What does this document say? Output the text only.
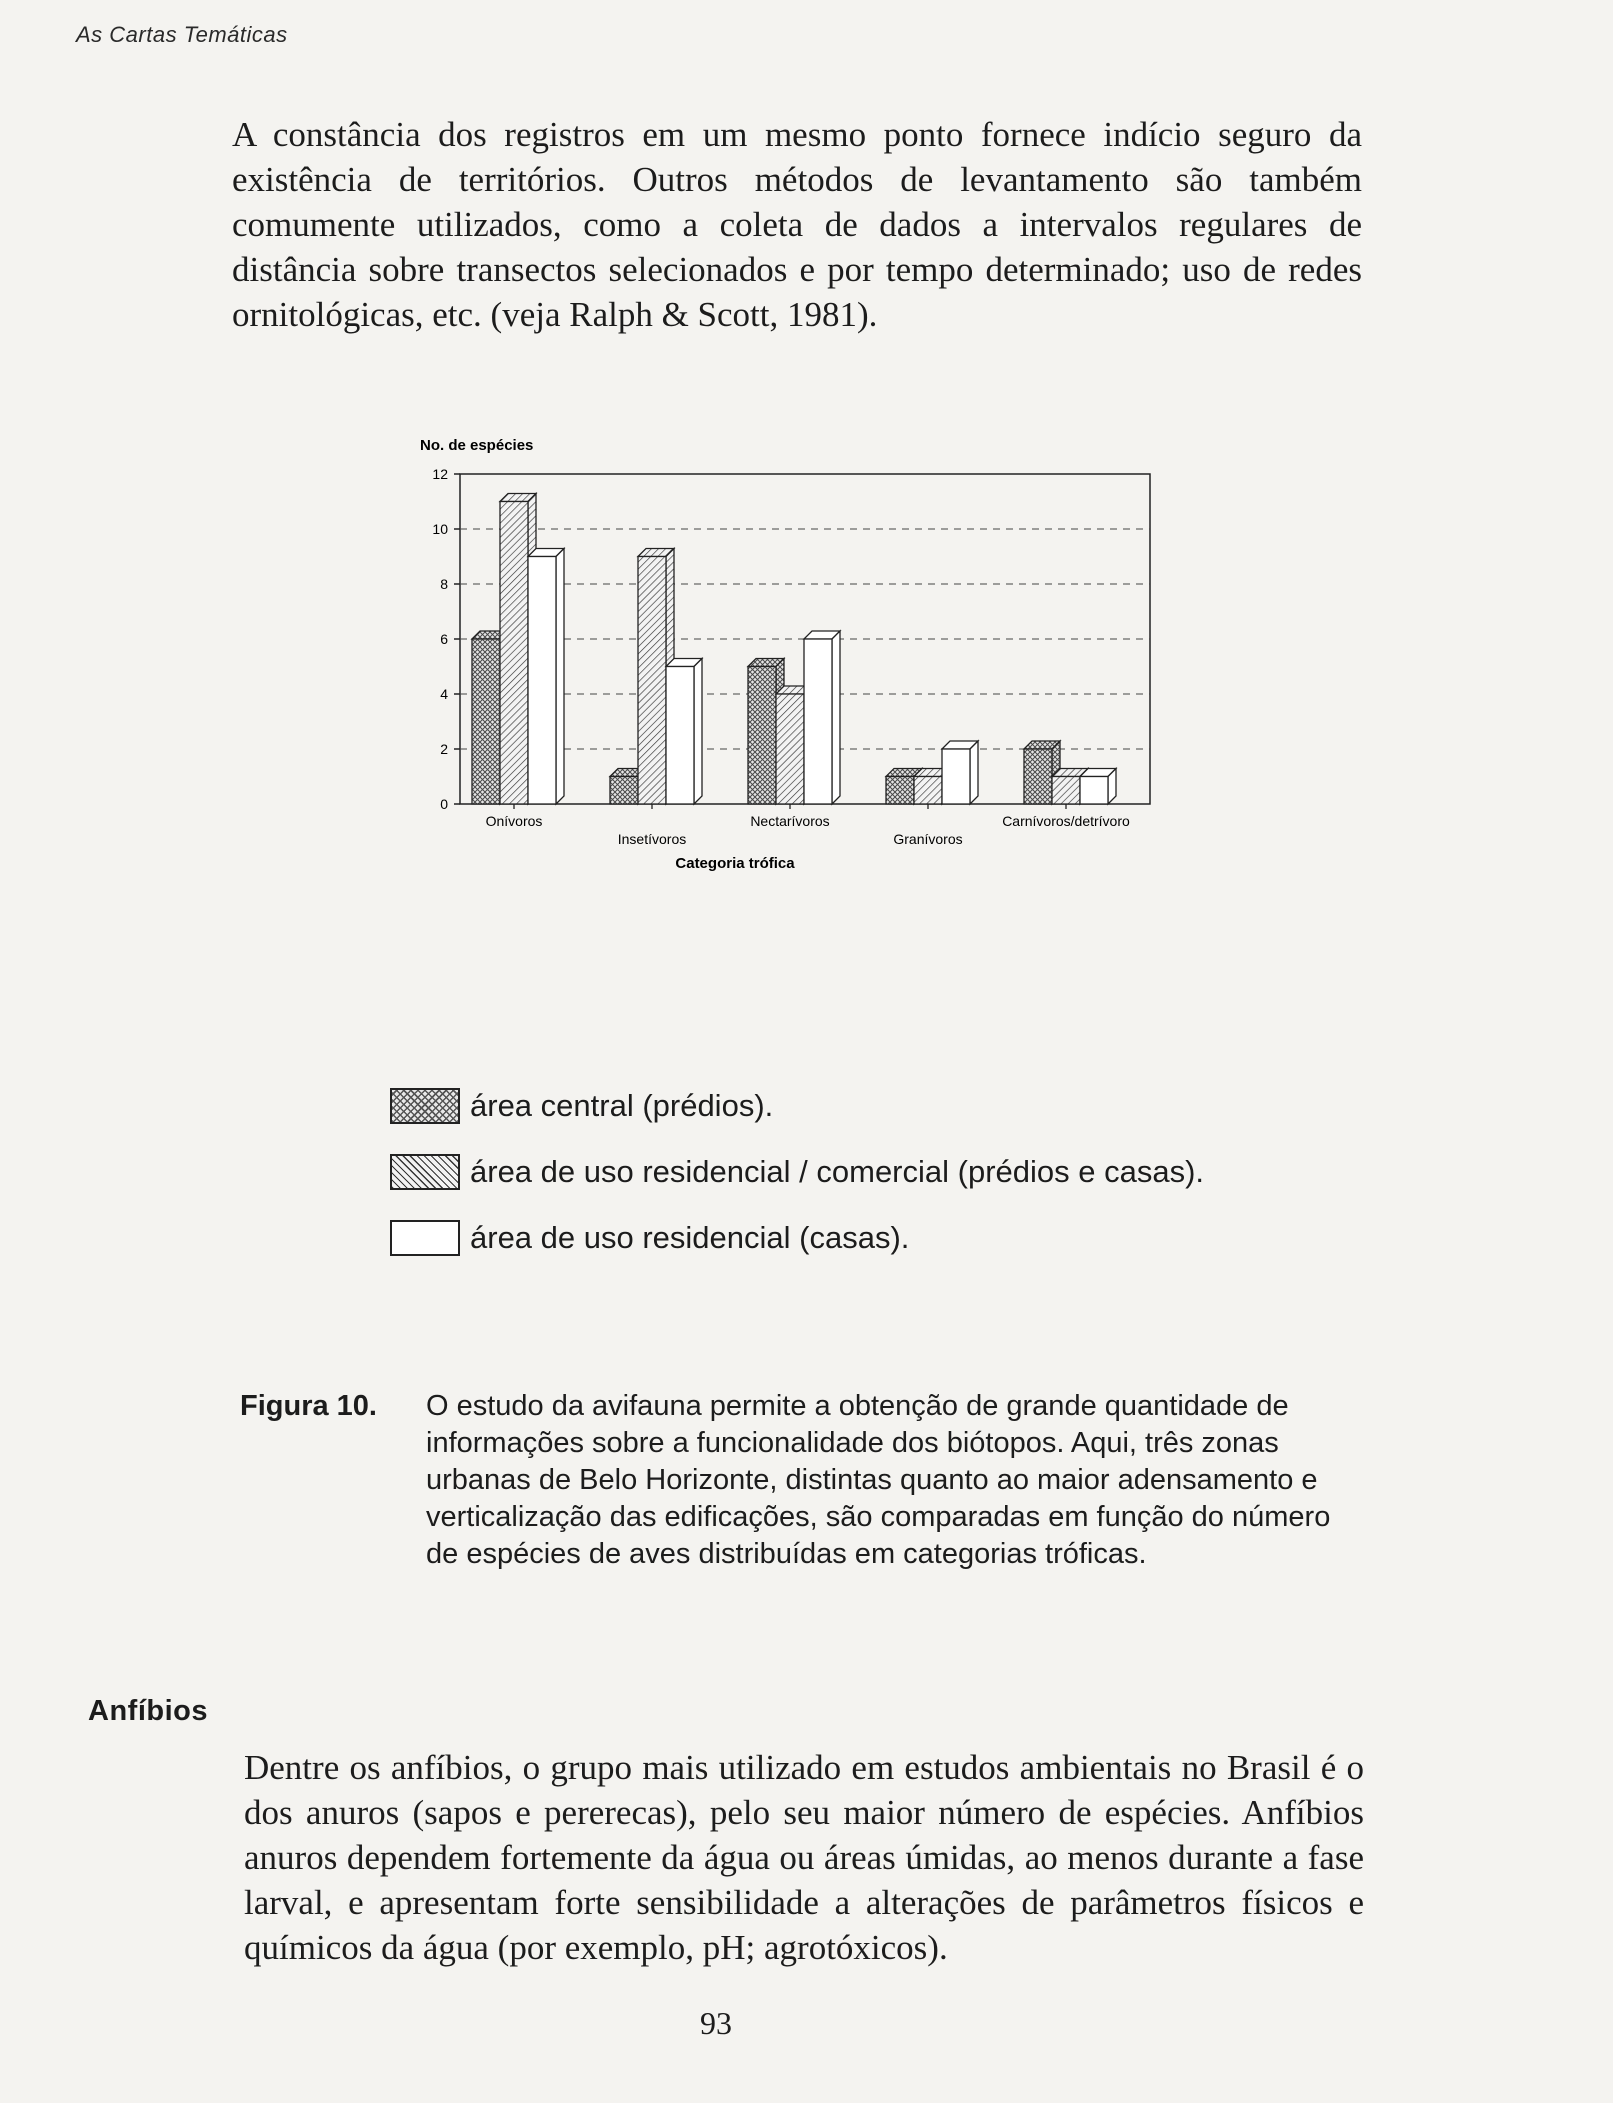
As Cartas Temáticas

A constância dos registros em um mesmo ponto fornece indício seguro da existência de territórios. Outros métodos de levantamento são também comumente utilizados, como a coleta de dados a intervalos regulares de distância sobre transectos selecionados e por tempo determinado; uso de redes ornitológicas, etc. (veja Ralph & Scott, 1981).

No. de espécies
0
2
4
6
8
10
12
Onívoros
Insetívoros
Nectarívoros
Granívoros
Carnívoros/detrívoro
Categoria trófica
área central (prédios).
área de uso residencial / comercial (prédios e casas).
área de uso residencial (casas).
Figura 10.	O estudo da avifauna permite a obtenção de grande quantidade de informações sobre a funcionalidade dos biótopos. Aqui, três zonas urbanas de Belo Horizonte, distintas quanto ao maior adensamento e verticalização das edificações, são comparadas em função do número de espécies de aves distribuídas em categorias tróficas.
Anfíbios

Dentre os anfíbios, o grupo mais utilizado em estudos ambientais no Brasil é o dos anuros (sapos e pererecas), pelo seu maior número de espécies. Anfíbios anuros dependem fortemente da água ou áreas úmidas, ao menos durante a fase larval, e apresentam forte sensibilidade a alterações de parâmetros físicos e químicos da água (por exemplo, pH; agrotóxicos).

93
